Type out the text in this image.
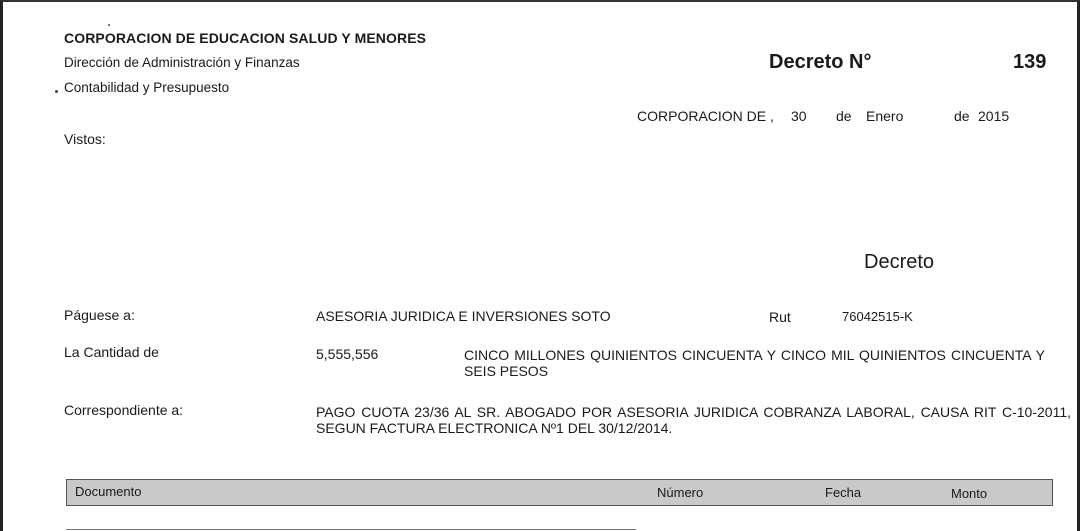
CORPORACION DE EDUCACION SALUD Y MENORES
Dirección de Administración y Finanzas
Contabilidad y Presupuesto
Decreto N°	139
CORPORACION DE , 30 de Enero	de 2015
Vistos:
Decreto
Páguese a:	ASESORIA JURIDICA E INVERSIONES SOTO	Rut	76042515-K
La Cantidad de	5,555,556	CINCO MILLONES QUINIENTOS CINCUENTA Y CINCO MIL QUINIENTOS CINCUENTA Y SEIS PESOS
Correspondiente a:	PAGO CUOTA 23/36 AL SR. ABOGADO POR ASESORIA JURIDICA COBRANZA LABORAL, CAUSA RIT C-10-2011, SEGUN FACTURA ELECTRONICA Nº1 DEL 30/12/2014.
Documento	Número	Fecha	Monto
